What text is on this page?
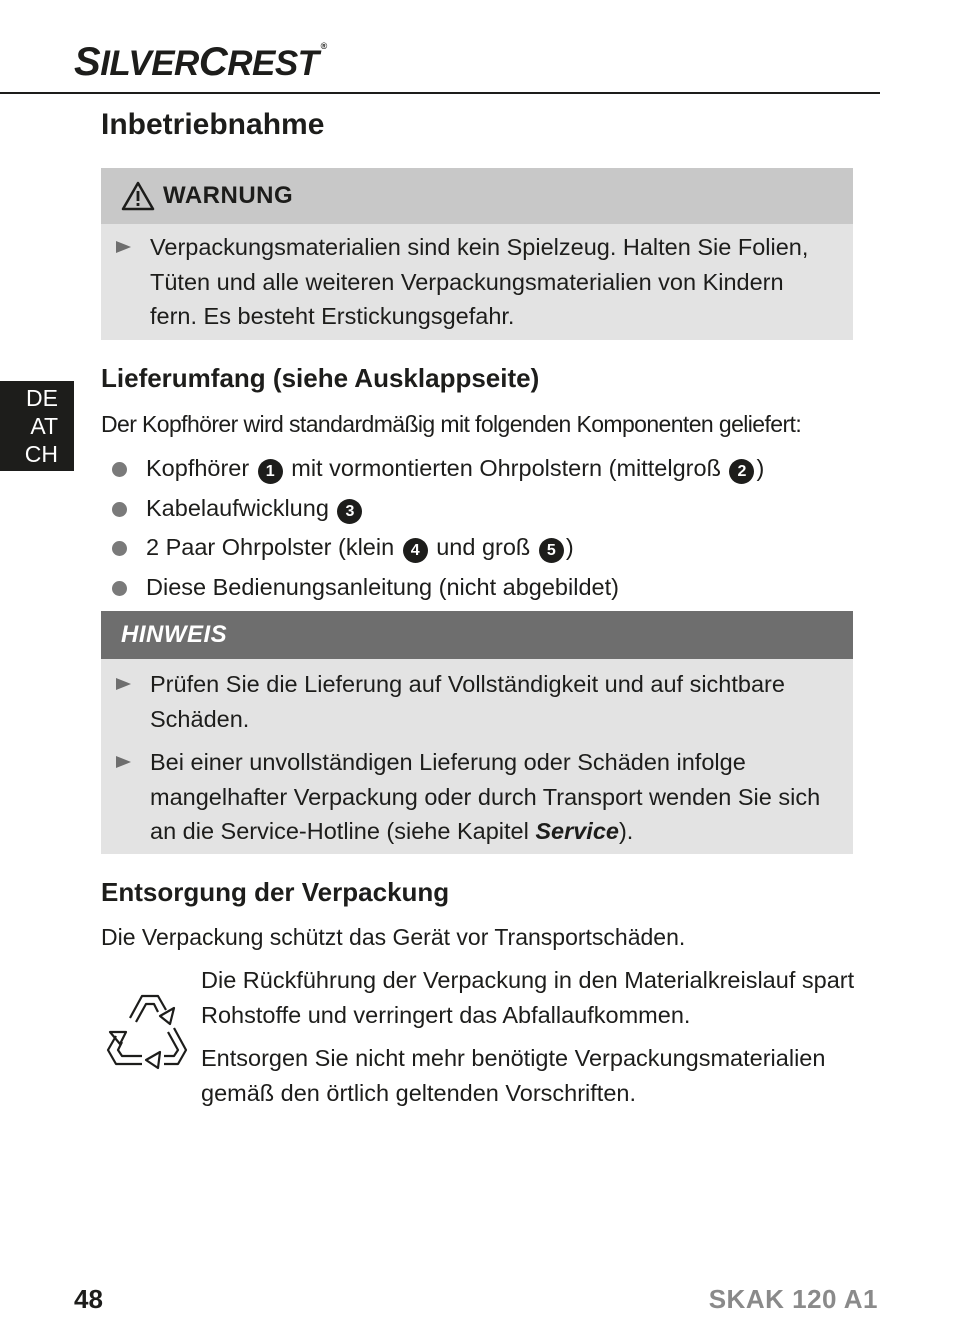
SILVERCREST ®
Inbetriebnahme
WARNUNG
Verpackungsmaterialien sind kein Spielzeug. Halten Sie Folien, Tüten und alle weiteren Verpackungsmaterialien von Kindern fern. Es besteht Erstickungsgefahr.
DE
AT
CH
Lieferumfang (siehe Ausklappseite)

Der Kopfhörer wird standardmäßig mit folgenden Komponenten geliefert:

Kopfhörer 1 mit vormontierten Ohrpolstern (mittelgroß 2 )
Kabelaufwicklung 3
2 Paar Ohrpolster (klein 4 und groß 5 )
Diese Bedienungsanleitung (nicht abgebildet)
HINWEIS
Prüfen Sie die Lieferung auf Vollständigkeit und auf sichtbare Schäden.
Bei einer unvollständigen Lieferung oder Schäden infolge mangelhafter Verpackung oder durch Transport wenden Sie sich an die Service-Hotline (siehe Kapitel Service).
Entsorgung der Verpackung

Die Verpackung schützt das Gerät vor Transportschäden.

Die Rückführung der Verpackung in den Materialkreislauf spart Rohstoffe und verringert das Abfallaufkommen.

Entsorgen Sie nicht mehr benötigte Verpackungsmaterialien gemäß den örtlich geltenden Vorschriften.

48	SKAK 120 A1
